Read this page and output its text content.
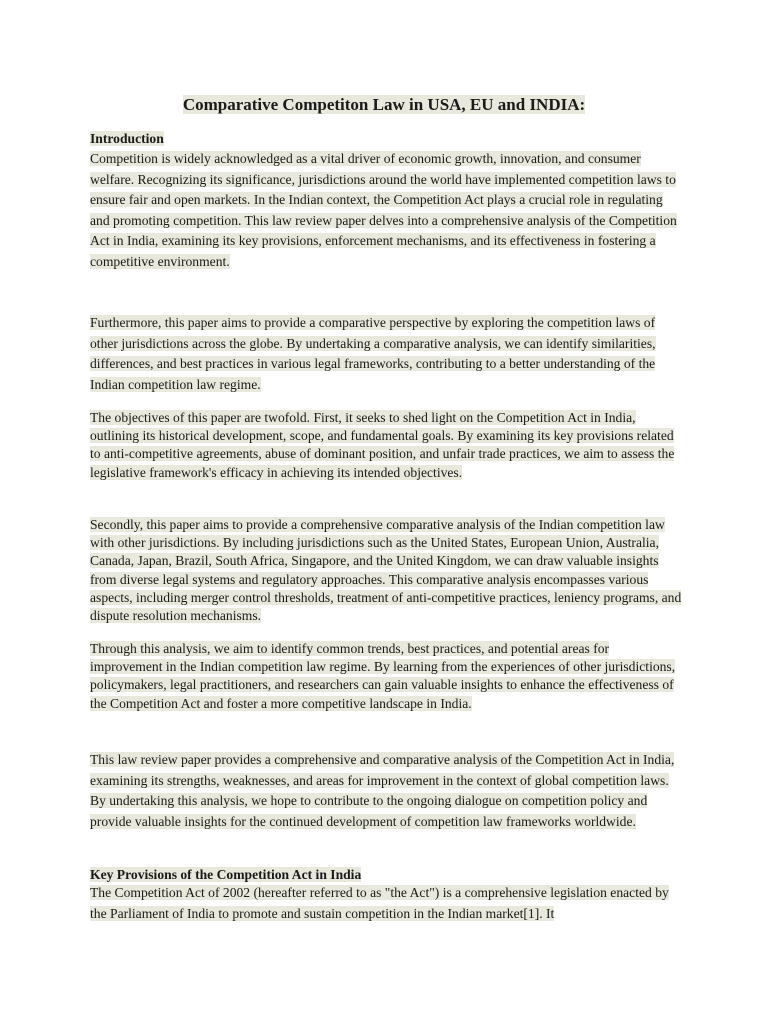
Comparative Competiton Law in USA, EU and INDIA:
Introduction

Competition is widely acknowledged as a vital driver of economic growth, innovation, and consumer welfare. Recognizing its significance, jurisdictions around the world have implemented competition laws to ensure fair and open markets. In the Indian context, the Competition Act plays a crucial role in regulating and promoting competition. This law review paper delves into a comprehensive analysis of the Competition Act in India, examining its key provisions, enforcement mechanisms, and its effectiveness in fostering a competitive environment.

Furthermore, this paper aims to provide a comparative perspective by exploring the competition laws of other jurisdictions across the globe. By undertaking a comparative analysis, we can identify similarities, differences, and best practices in various legal frameworks, contributing to a better understanding of the Indian competition law regime.

The objectives of this paper are twofold. First, it seeks to shed light on the Competition Act in India, outlining its historical development, scope, and fundamental goals. By examining its key provisions related to anti-competitive agreements, abuse of dominant position, and unfair trade practices, we aim to assess the legislative framework's efficacy in achieving its intended objectives.

Secondly, this paper aims to provide a comprehensive comparative analysis of the Indian competition law with other jurisdictions. By including jurisdictions such as the United States, European Union, Australia, Canada, Japan, Brazil, South Africa, Singapore, and the United Kingdom, we can draw valuable insights from diverse legal systems and regulatory approaches. This comparative analysis encompasses various aspects, including merger control thresholds, treatment of anti-competitive practices, leniency programs, and dispute resolution mechanisms.

Through this analysis, we aim to identify common trends, best practices, and potential areas for improvement in the Indian competition law regime. By learning from the experiences of other jurisdictions, policymakers, legal practitioners, and researchers can gain valuable insights to enhance the effectiveness of the Competition Act and foster a more competitive landscape in India.

This law review paper provides a comprehensive and comparative analysis of the Competition Act in India, examining its strengths, weaknesses, and areas for improvement in the context of global competition laws. By undertaking this analysis, we hope to contribute to the ongoing dialogue on competition policy and provide valuable insights for the continued development of competition law frameworks worldwide.

Key Provisions of the Competition Act in India

The Competition Act of 2002 (hereafter referred to as "the Act") is a comprehensive legislation enacted by the Parliament of India to promote and sustain competition in the Indian market[1]. It
